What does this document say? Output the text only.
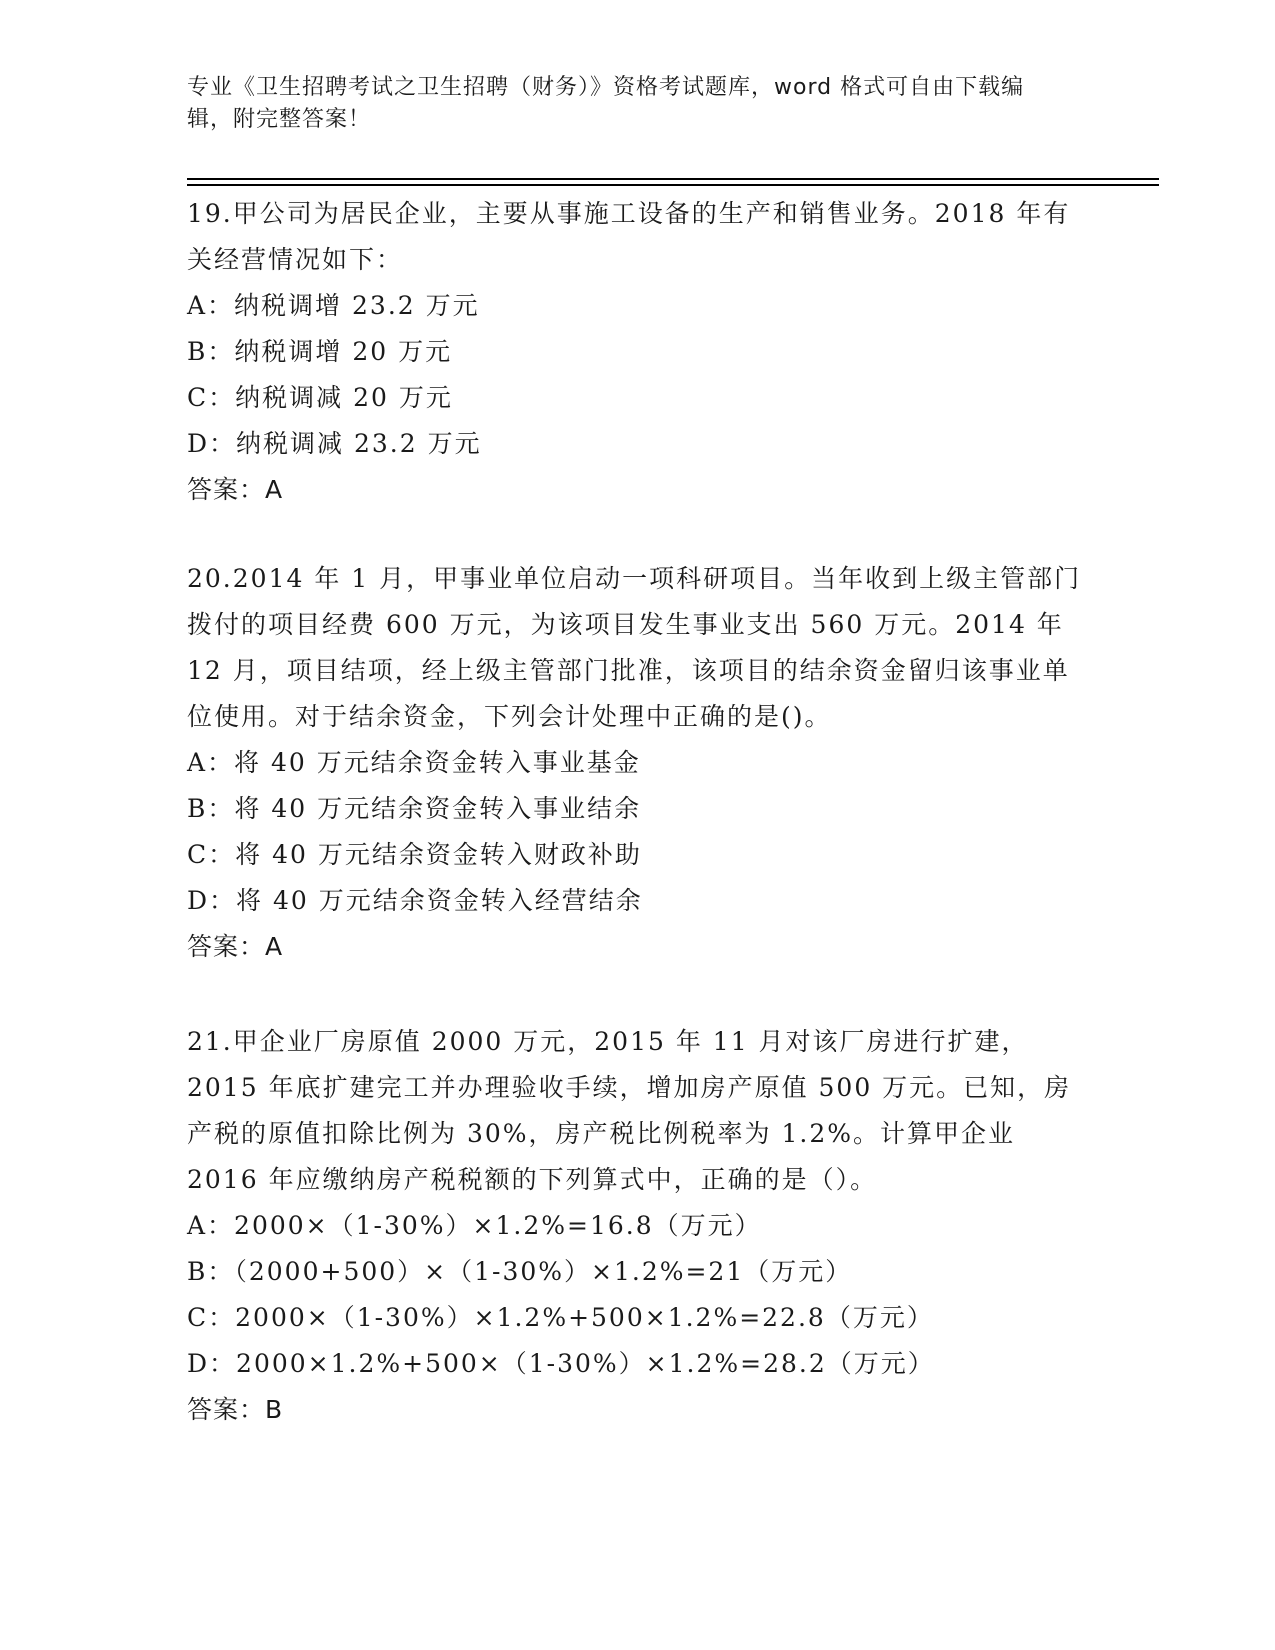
专业《卫生招聘考试之卫生招聘（财务）》资格考试题库，word 格式可自由下载编辑，附完整答案！

19.甲公司为居民企业，主要从事施工设备的生产和销售业务。2018 年有关经营情况如下：

A：纳税调增 23.2 万元

B：纳税调增 20 万元

C：纳税调减 20 万元

D：纳税调减 23.2 万元

答案：A

20.2014 年 1 月，甲事业单位启动一项科研项目。当年收到上级主管部门拨付的项目经费 600 万元，为该项目发生事业支出 560 万元。2014 年 12 月，项目结项，经上级主管部门批准，该项目的结余资金留归该事业单位使用。对于结余资金，下列会计处理中正确的是()。

A：将 40 万元结余资金转入事业基金

B：将 40 万元结余资金转入事业结余

C：将 40 万元结余资金转入财政补助

D：将 40 万元结余资金转入经营结余

答案：A

21.甲企业厂房原值 2000 万元，2015 年 11 月对该厂房进行扩建，2015 年底扩建完工并办理验收手续，增加房产原值 500 万元。已知，房产税的原值扣除比例为 30%，房产税比例税率为 1.2%。计算甲企业 2016 年应缴纳房产税税额的下列算式中，正确的是（）。

A：2000×（1-30%）×1.2%=16.8（万元）

B：（2000+500）×（1-30%）×1.2%=21（万元）

C：2000×（1-30%）×1.2%+500×1.2%=22.8（万元）

D：2000×1.2%+500×（1-30%）×1.2%=28.2（万元）

答案：B
